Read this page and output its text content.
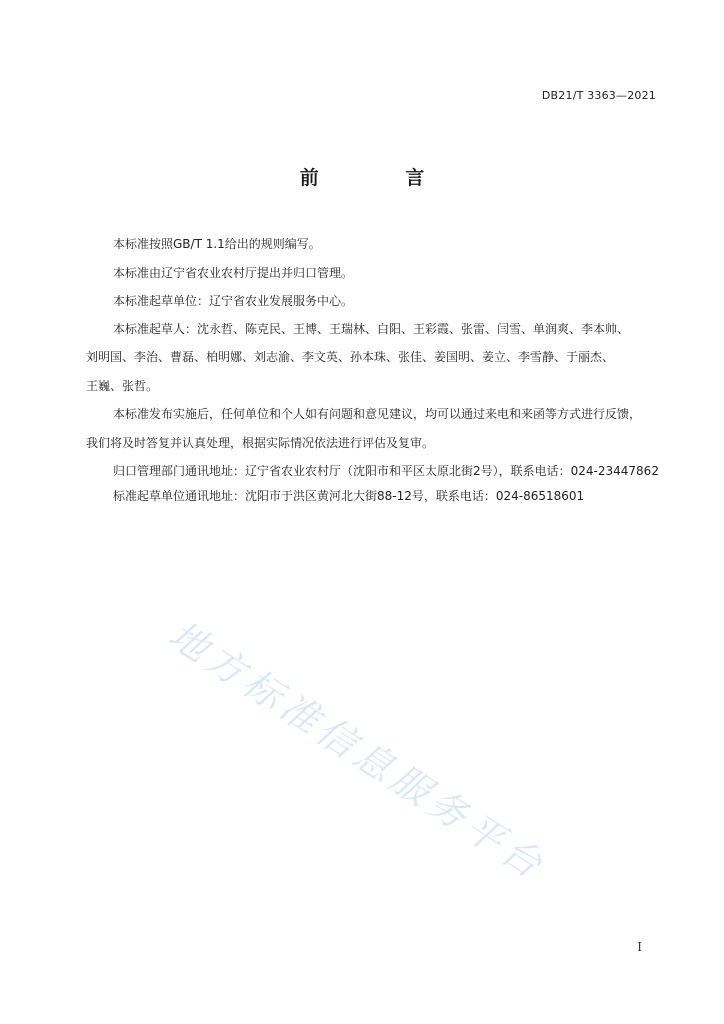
DB21/T 3363—2021
前 言
本标准按照GB/T 1.1给出的规则编写。
本标准由辽宁省农业农村厅提出并归口管理。
本标准起草单位：辽宁省农业发展服务中心。
本标准起草人：沈永哲、陈克民、王博、王瑞林、白阳、王彩霞、张雷、闫雪、单润爽、李本帅、
刘明国、李治、曹磊、柏明娜、刘志渝、李文英、孙本珠、张佳、姜国明、姜立、李雪静、于丽杰、
王巍、张哲。
本标准发布实施后，任何单位和个人如有问题和意见建议，均可以通过来电和来函等方式进行反馈，
我们将及时答复并认真处理，根据实际情况依法进行评估及复审。
归口管理部门通讯地址：辽宁省农业农村厅（沈阳市和平区太原北街2号），联系电话：024-23447862
标准起草单位通讯地址：沈阳市于洪区黄河北大街88-12号，联系电话：024-86518601
地方标准信息服务平台
I
